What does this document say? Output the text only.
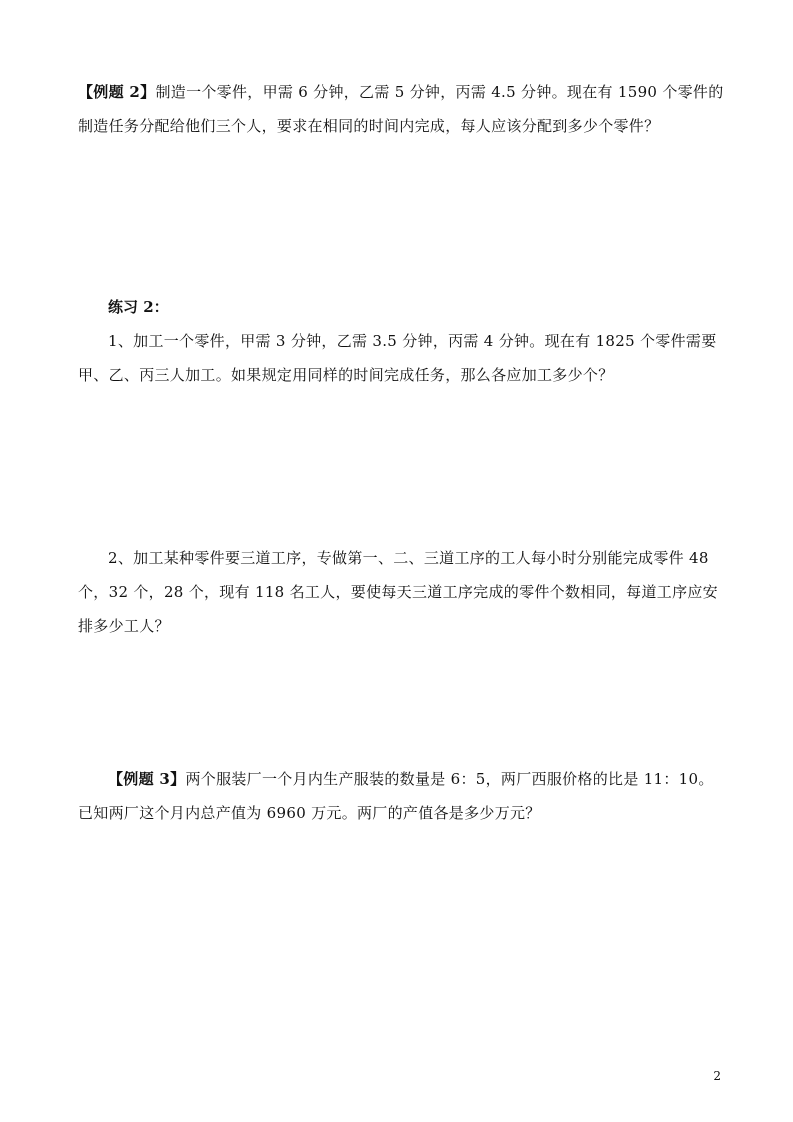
【例题 2】制造一个零件，甲需 6 分钟，乙需 5 分钟，丙需 4.5 分钟。现在有 1590 个零件的制造任务分配给他们三个人，要求在相同的时间内完成，每人应该分配到多少个零件？

练习 2：

1、加工一个零件，甲需 3 分钟，乙需 3.5 分钟，丙需 4 分钟。现在有 1825 个零件需要甲、乙、丙三人加工。如果规定用同样的时间完成任务，那么各应加工多少个？

2、加工某种零件要三道工序，专做第一、二、三道工序的工人每小时分别能完成零件 48 个，32 个，28 个，现有 118 名工人，要使每天三道工序完成的零件个数相同，每道工序应安排多少工人？

【例题 3】两个服装厂一个月内生产服装的数量是 6：5，两厂西服价格的比是 11：10。已知两厂这个月内总产值为 6960 万元。两厂的产值各是多少万元？

2
